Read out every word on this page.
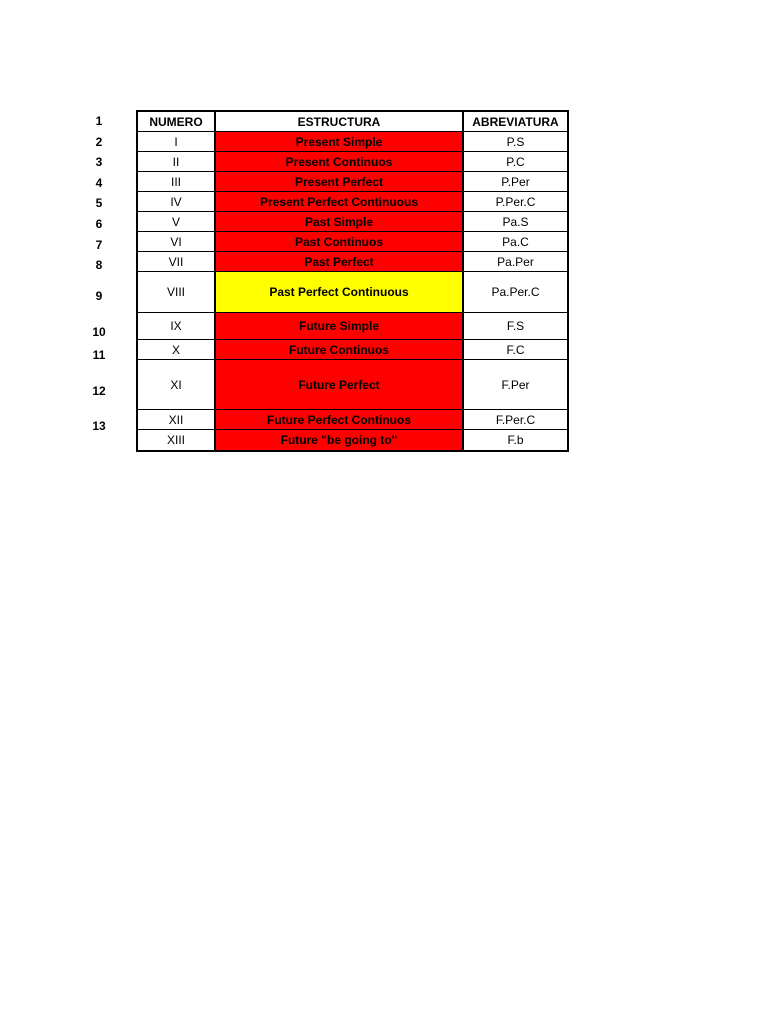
1
2
3
4
5
6
7
8
9
10
11
12
13
NUMERO	ESTRUCTURA	ABREVIATURA
I	Present Simple	P.S
II	Present Continuos	P.C
III	Present Perfect	P.Per
IV	Present Perfect Continuous	P.Per.C
V	Past Simple	Pa.S
VI	Past Continuos	Pa.C
VII	Past Perfect	Pa.Per
VIII	Past Perfect Continuous	Pa.Per.C
IX	Future Simple	F.S
X	Future Continuos	F.C
XI	Future Perfect	F.Per
XII	Future Perfect Continuos	F.Per.C
XIII	Future "be going to"	F.b
